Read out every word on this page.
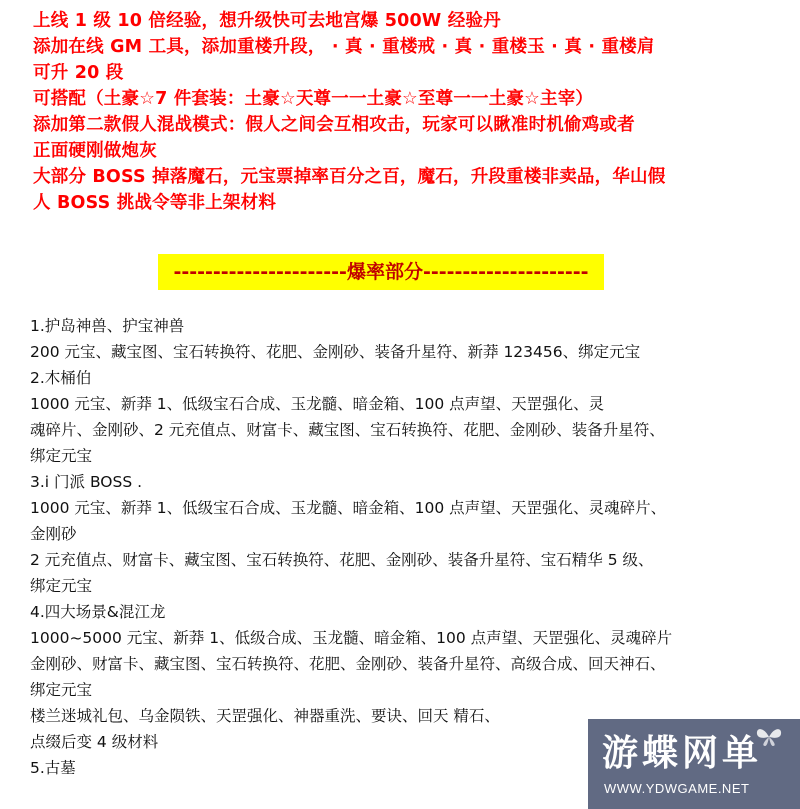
上线 1 级 10 倍经验，想升级快可去地宫爆 500W 经验丹
添加在线 GM 工具，添加重楼升段， · 真 · 重楼戒 · 真 · 重楼玉 · 真 · 重楼肩
可升 20 段
可搭配（土豪☆7 件套装：土豪☆天尊一一土豪☆至尊一一土豪☆主宰）
添加第二款假人混战模式：假人之间会互相攻击，玩家可以瞅准时机偷鸡或者
正面硬刚做炮灰
大部分 BOSS 掉落魔石，元宝票掉率百分之百，魔石，升段重楼非卖品，华山假
人 BOSS 挑战令等非上架材料
----------------------爆率部分---------------------
1.护岛神兽、护宝神兽
200 元宝、藏宝图、宝石转换符、花肥、金刚砂、装备升星符、新莽 123456、绑定元宝
2.木桶伯
1000 元宝、新莽 1、低级宝石合成、玉龙髓、暗金箱、100 点声望、天罡强化、灵
魂碎片、金刚砂、2 元充值点、财富卡、藏宝图、宝石转换符、花肥、金刚砂、装备升星符、
绑定元宝
3.i 门派 BOSS .
1000 元宝、新莽 1、低级宝石合成、玉龙髓、暗金箱、100 点声望、天罡强化、灵魂碎片、
金刚砂
2 元充值点、财富卡、藏宝图、宝石转换符、花肥、金刚砂、装备升星符、宝石精华 5 级、
绑定元宝
4.四大场景&混江龙
1000~5000 元宝、新莽 1、低级合成、玉龙髓、暗金箱、100 点声望、天罡强化、灵魂碎片
金刚砂、财富卡、藏宝图、宝石转换符、花肥、金刚砂、装备升星符、高级合成、回天神石、
绑定元宝
楼兰迷城礼包、乌金陨铁、天罡强化、神器重洗、要诀、回天 精石、
点缀后变 4 级材料
5.古墓	游蝶网单
WWW.YDWGAME.NET
